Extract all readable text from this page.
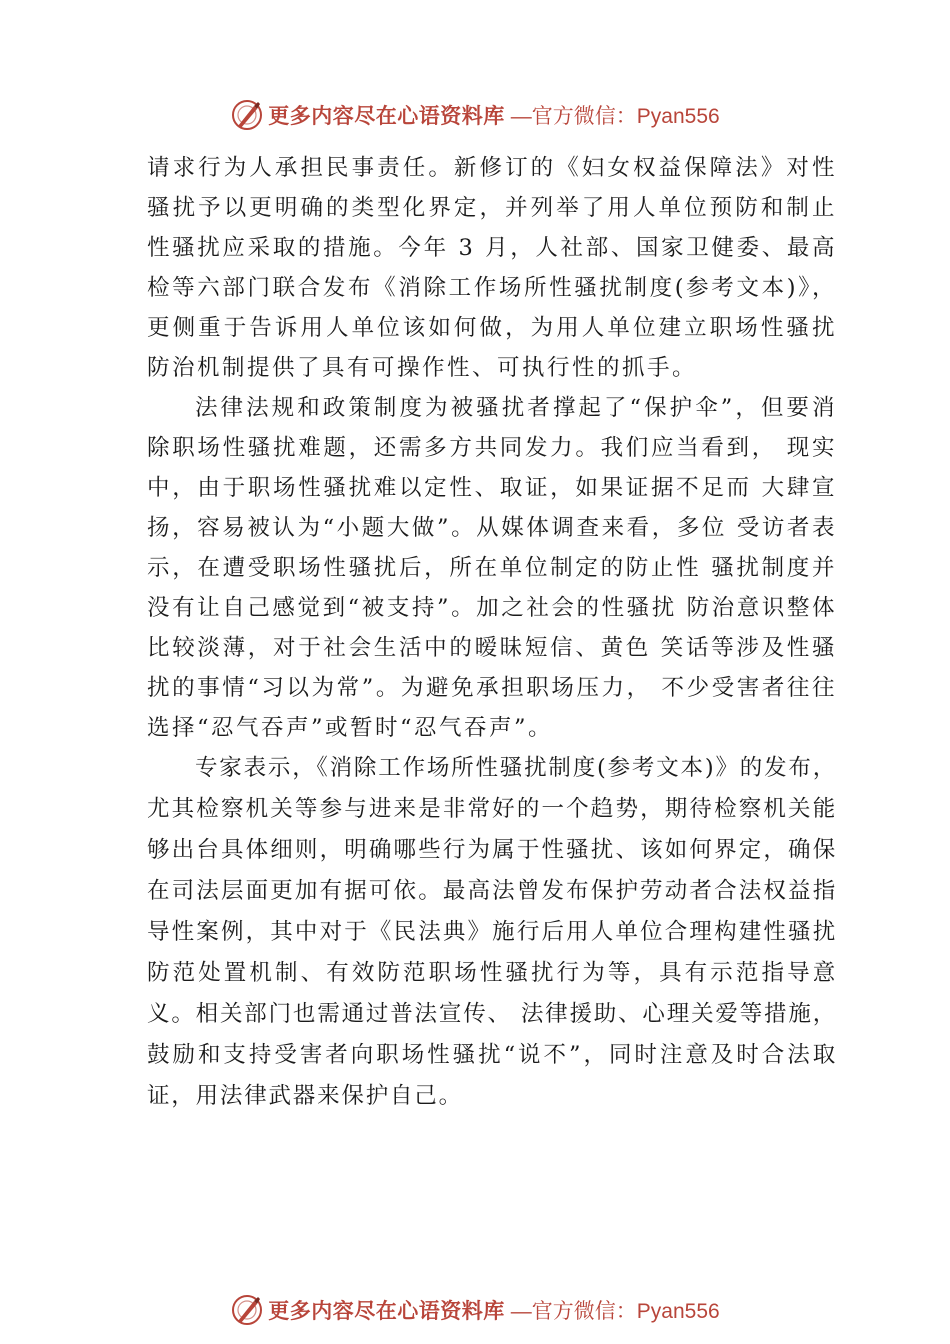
更多内容尽在心语资料库 —官方微信：Pyan556

请求行为人承担民事责任。新修订的《妇女权益保障法》对性骚扰予以更明确的类型化界定，并列举了用人单位预防和制止性骚扰应采取的措施。今年 3 月，人社部、国家卫健委、最高检等六部门联合发布《消除工作场所性骚扰制度(参考文本)》，更侧重于告诉用人单位该如何做，为用人单位建立职场性骚扰防治机制提供了具有可操作性、可执行性的抓手。

法律法规和政策制度为被骚扰者撑起了“保护伞”，但要消除职场性骚扰难题，还需多方共同发力。我们应当看到， 现实中，由于职场性骚扰难以定性、取证，如果证据不足而 大肆宣扬，容易被认为“小题大做”。从媒体调查来看，多位 受访者表示，在遭受职场性骚扰后，所在单位制定的防止性 骚扰制度并没有让自己感觉到“被支持”。加之社会的性骚扰 防治意识整体比较淡薄，对于社会生活中的暧昧短信、黄色 笑话等涉及性骚扰的事情“习以为常”。为避免承担职场压力， 不少受害者往往选择“忍气吞声”或暂时“忍气吞声”。

专家表示，《消除工作场所性骚扰制度(参考文本)》的发布，尤其检察机关等参与进来是非常好的一个趋势，期待检察机关能够出台具体细则，明确哪些行为属于性骚扰、该如何界定，确保在司法层面更加有据可依。最高法曾发布保护劳动者合法权益指导性案例，其中对于《民法典》施行后用人单位合理构建性骚扰防范处置机制、有效防范职场性骚扰行为等，具有示范指导意义。相关部门也需通过普法宣传、 法律援助、心理关爱等措施，鼓励和支持受害者向职场性骚扰“说不”，同时注意及时合法取证，用法律武器来保护自己。

更多内容尽在心语资料库 —官方微信：Pyan556
